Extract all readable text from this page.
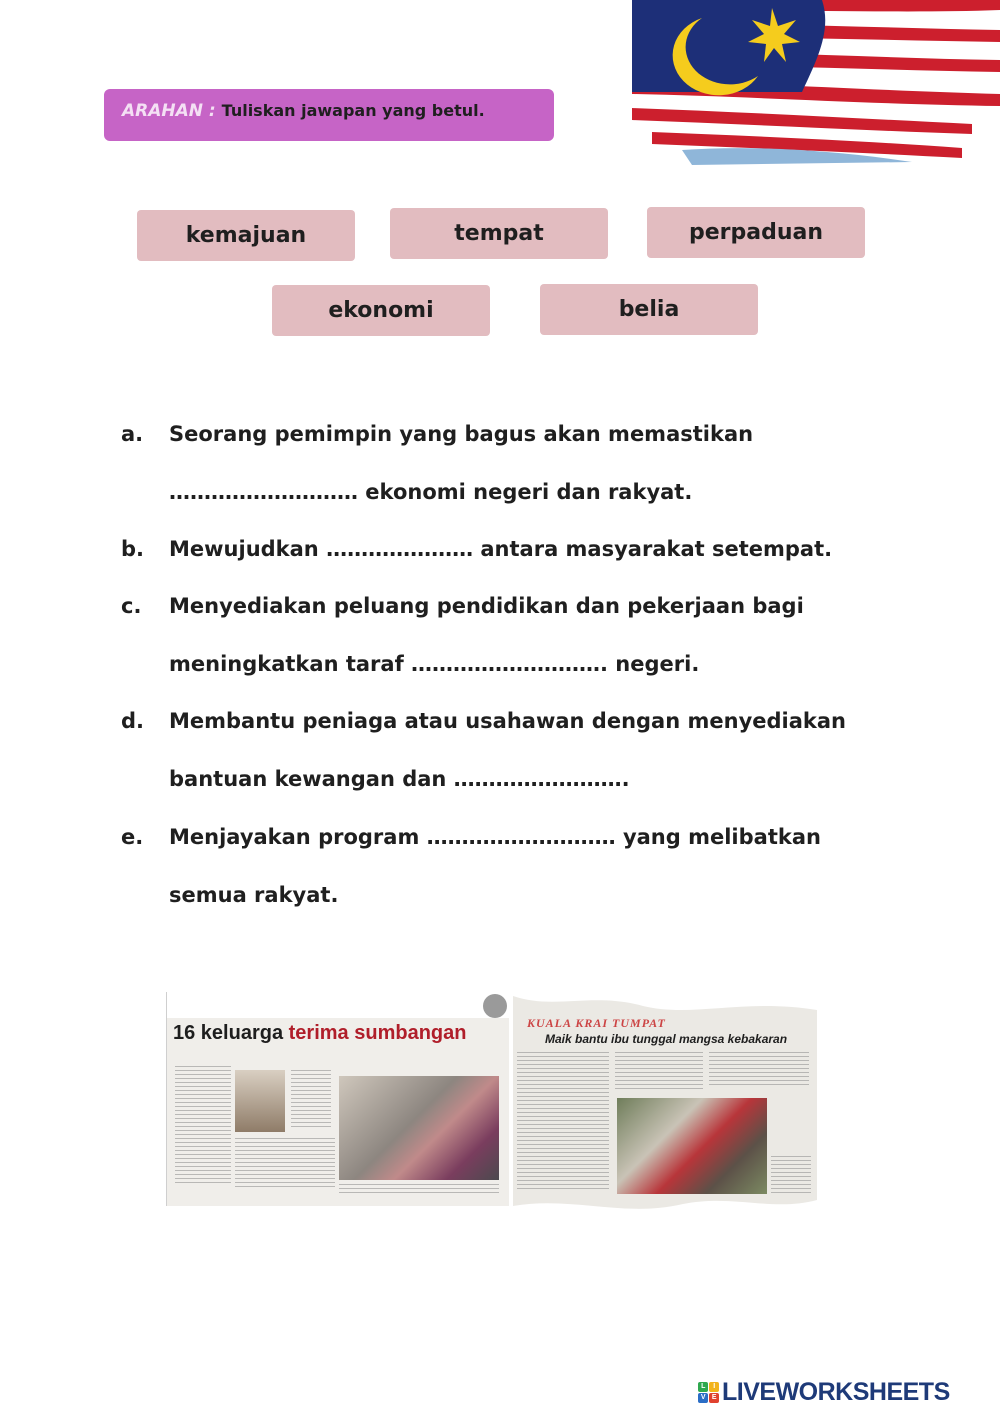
ARAHAN : Tuliskan jawapan yang betul.
kemajuan	tempat	perpaduan
ekonomi	belia
a. Seorang pemimpin yang bagus akan memastikan
……………………… ekonomi negeri dan rakyat.
b. Mewujudkan ………………… antara masyarakat setempat.
c. Menyediakan peluang pendidikan dan pekerjaan bagi
meningkatkan taraf ………………………. negeri.
d. Membantu peniaga atau usahawan dengan menyediakan
bantuan kewangan dan …………………….
e. Menjayakan program ……………………… yang melibatkan
semua rakyat.
16 keluarga terima sumbangan	KUALA KRAI TUMPAT
Maik bantu ibu tunggal mangsa kebakaran
L	I
V E LIVEWORKSHEETS
